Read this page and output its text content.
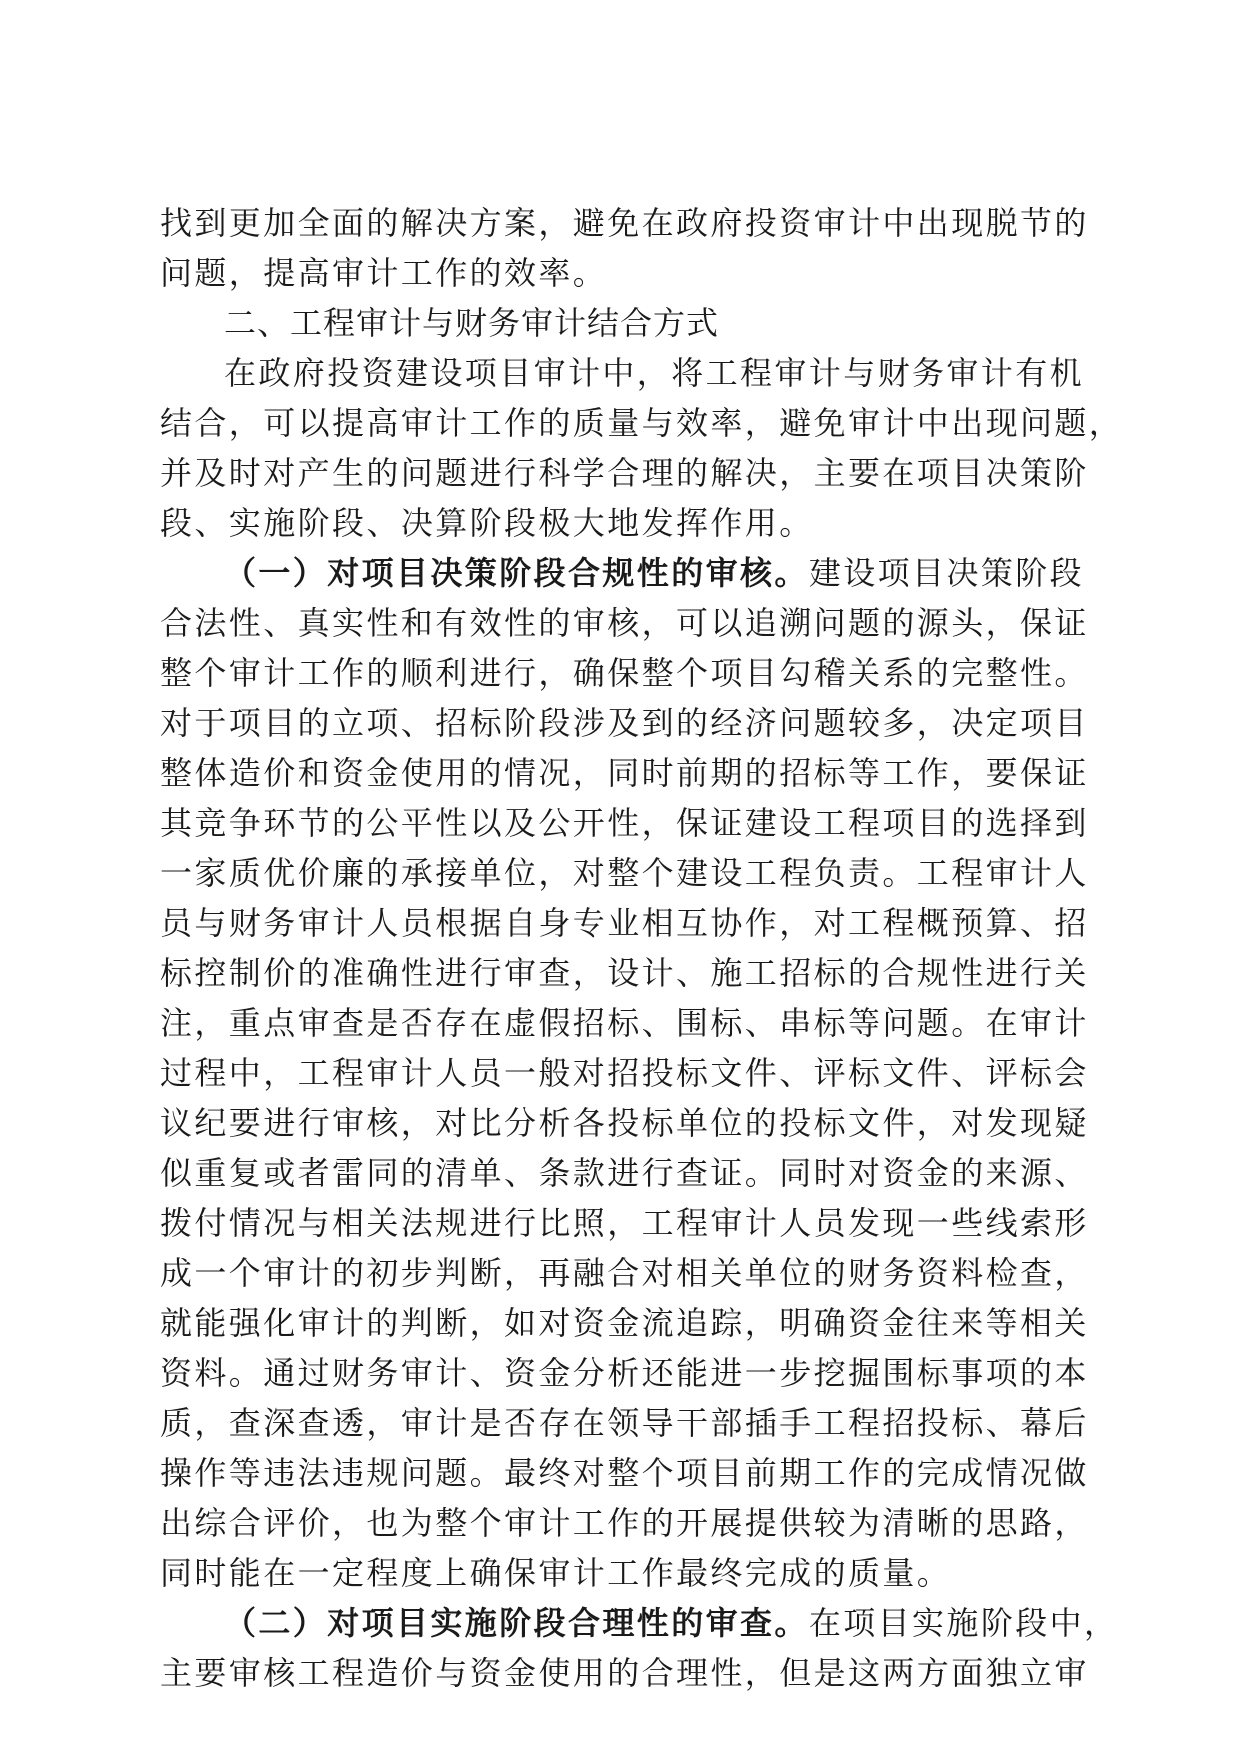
找到更加全面的解决方案，避免在政府投资审计中出现脱节的
问题，提高审计工作的效率。
二、工程审计与财务审计结合方式
在政府投资建设项目审计中，将工程审计与财务审计有机
结合，可以提高审计工作的质量与效率，避免审计中出现问题，
并及时对产生的问题进行科学合理的解决，主要在项目决策阶
段、实施阶段、决算阶段极大地发挥作用。
（一）对项目决策阶段合规性的审核。建设项目决策阶段
合法性、真实性和有效性的审核，可以追溯问题的源头，保证
整个审计工作的顺利进行，确保整个项目勾稽关系的完整性。
对于项目的立项、招标阶段涉及到的经济问题较多，决定项目
整体造价和资金使用的情况，同时前期的招标等工作，要保证
其竞争环节的公平性以及公开性，保证建设工程项目的选择到
一家质优价廉的承接单位，对整个建设工程负责。工程审计人
员与财务审计人员根据自身专业相互协作，对工程概预算、招
标控制价的准确性进行审查，设计、施工招标的合规性进行关
注，重点审查是否存在虚假招标、围标、串标等问题。在审计
过程中，工程审计人员一般对招投标文件、评标文件、评标会
议纪要进行审核，对比分析各投标单位的投标文件，对发现疑
似重复或者雷同的清单、条款进行查证。同时对资金的来源、
拨付情况与相关法规进行比照，工程审计人员发现一些线索形
成一个审计的初步判断，再融合对相关单位的财务资料检查，
就能强化审计的判断，如对资金流追踪，明确资金往来等相关
资料。通过财务审计、资金分析还能进一步挖掘围标事项的本
质，查深查透，审计是否存在领导干部插手工程招投标、幕后
操作等违法违规问题。最终对整个项目前期工作的完成情况做
出综合评价，也为整个审计工作的开展提供较为清晰的思路，
同时能在一定程度上确保审计工作最终完成的质量。
（二）对项目实施阶段合理性的审查。在项目实施阶段中，
主要审核工程造价与资金使用的合理性，但是这两方面独立审
